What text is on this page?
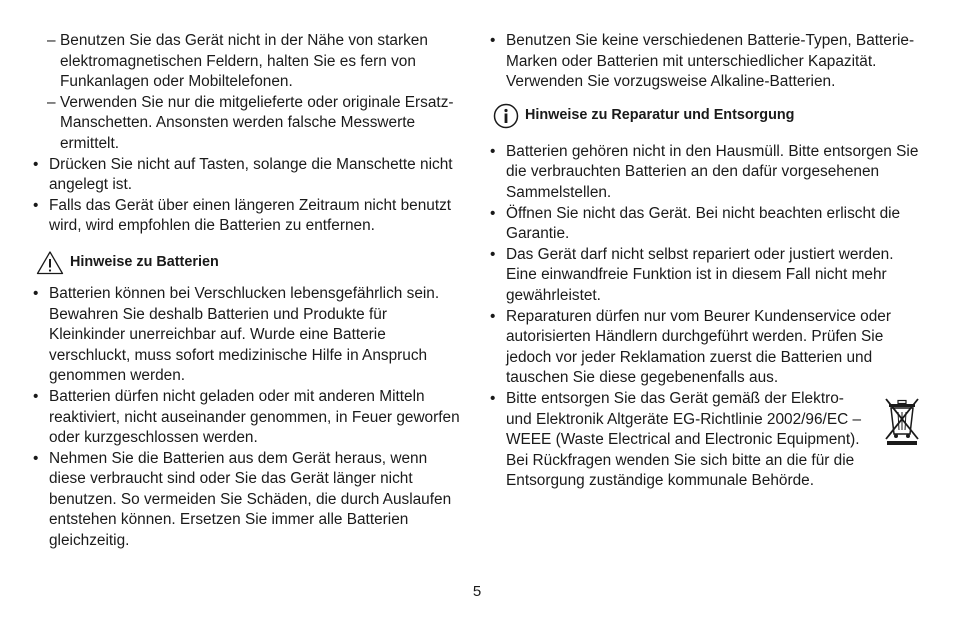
– Benutzen Sie das Gerät nicht in der Nähe von starken elektromagnetischen Feldern, halten Sie es fern von Funkanlagen oder Mobiltelefonen.
– Verwenden Sie nur die mitgelieferte oder originale Ersatz-Manschetten. Ansonsten werden falsche Messwerte ermittelt.
• Drücken Sie nicht auf Tasten, solange die Manschette nicht angelegt ist.
• Falls das Gerät über einen längeren Zeitraum nicht benutzt wird, wird empfohlen die Batterien zu entfernen.
Hinweise zu Batterien
• Batterien können bei Verschlucken lebensgefährlich sein. Bewahren Sie deshalb Batterien und Produkte für Kleinkinder unerreichbar auf. Wurde eine Batterie verschluckt, muss sofort medizinische Hilfe in Anspruch genommen werden.
• Batterien dürfen nicht geladen oder mit anderen Mitteln reaktiviert, nicht auseinander genommen, in Feuer geworfen oder kurzgeschlossen werden.
• Nehmen Sie die Batterien aus dem Gerät heraus, wenn diese verbraucht sind oder Sie das Gerät länger nicht benutzen. So vermeiden Sie Schäden, die durch Auslaufen entstehen können. Ersetzen Sie immer alle Batterien gleichzeitig.
• Benutzen Sie keine verschiedenen Batterie-Typen, Batterie-Marken oder Batterien mit unterschiedlicher Kapazität. Verwenden Sie vorzugsweise Alkaline-Batterien.
Hinweise zu Reparatur und Entsorgung
• Batterien gehören nicht in den Hausmüll. Bitte entsorgen Sie die verbrauchten Batterien an den dafür vorgesehenen Sammelstellen.
• Öffnen Sie nicht das Gerät. Bei nicht beachten erlischt die Garantie.
• Das Gerät darf nicht selbst repariert oder justiert werden. Eine einwandfreie Funktion ist in diesem Fall nicht mehr gewährleistet.
• Reparaturen dürfen nur vom Beurer Kundenservice oder autorisierten Händlern durchgeführt werden. Prüfen Sie jedoch vor jeder Reklamation zuerst die Batterien und tauschen Sie diese gegebenenfalls aus.
• Bitte entsorgen Sie das Gerät gemäß der Elektro- und Elektronik Altgeräte EG-Richtlinie 2002/96/EC – WEEE (Waste Electrical and Electronic Equipment). Bei Rückfragen wenden Sie sich bitte an die für die Entsorgung zuständige kommunale Behörde.
5
